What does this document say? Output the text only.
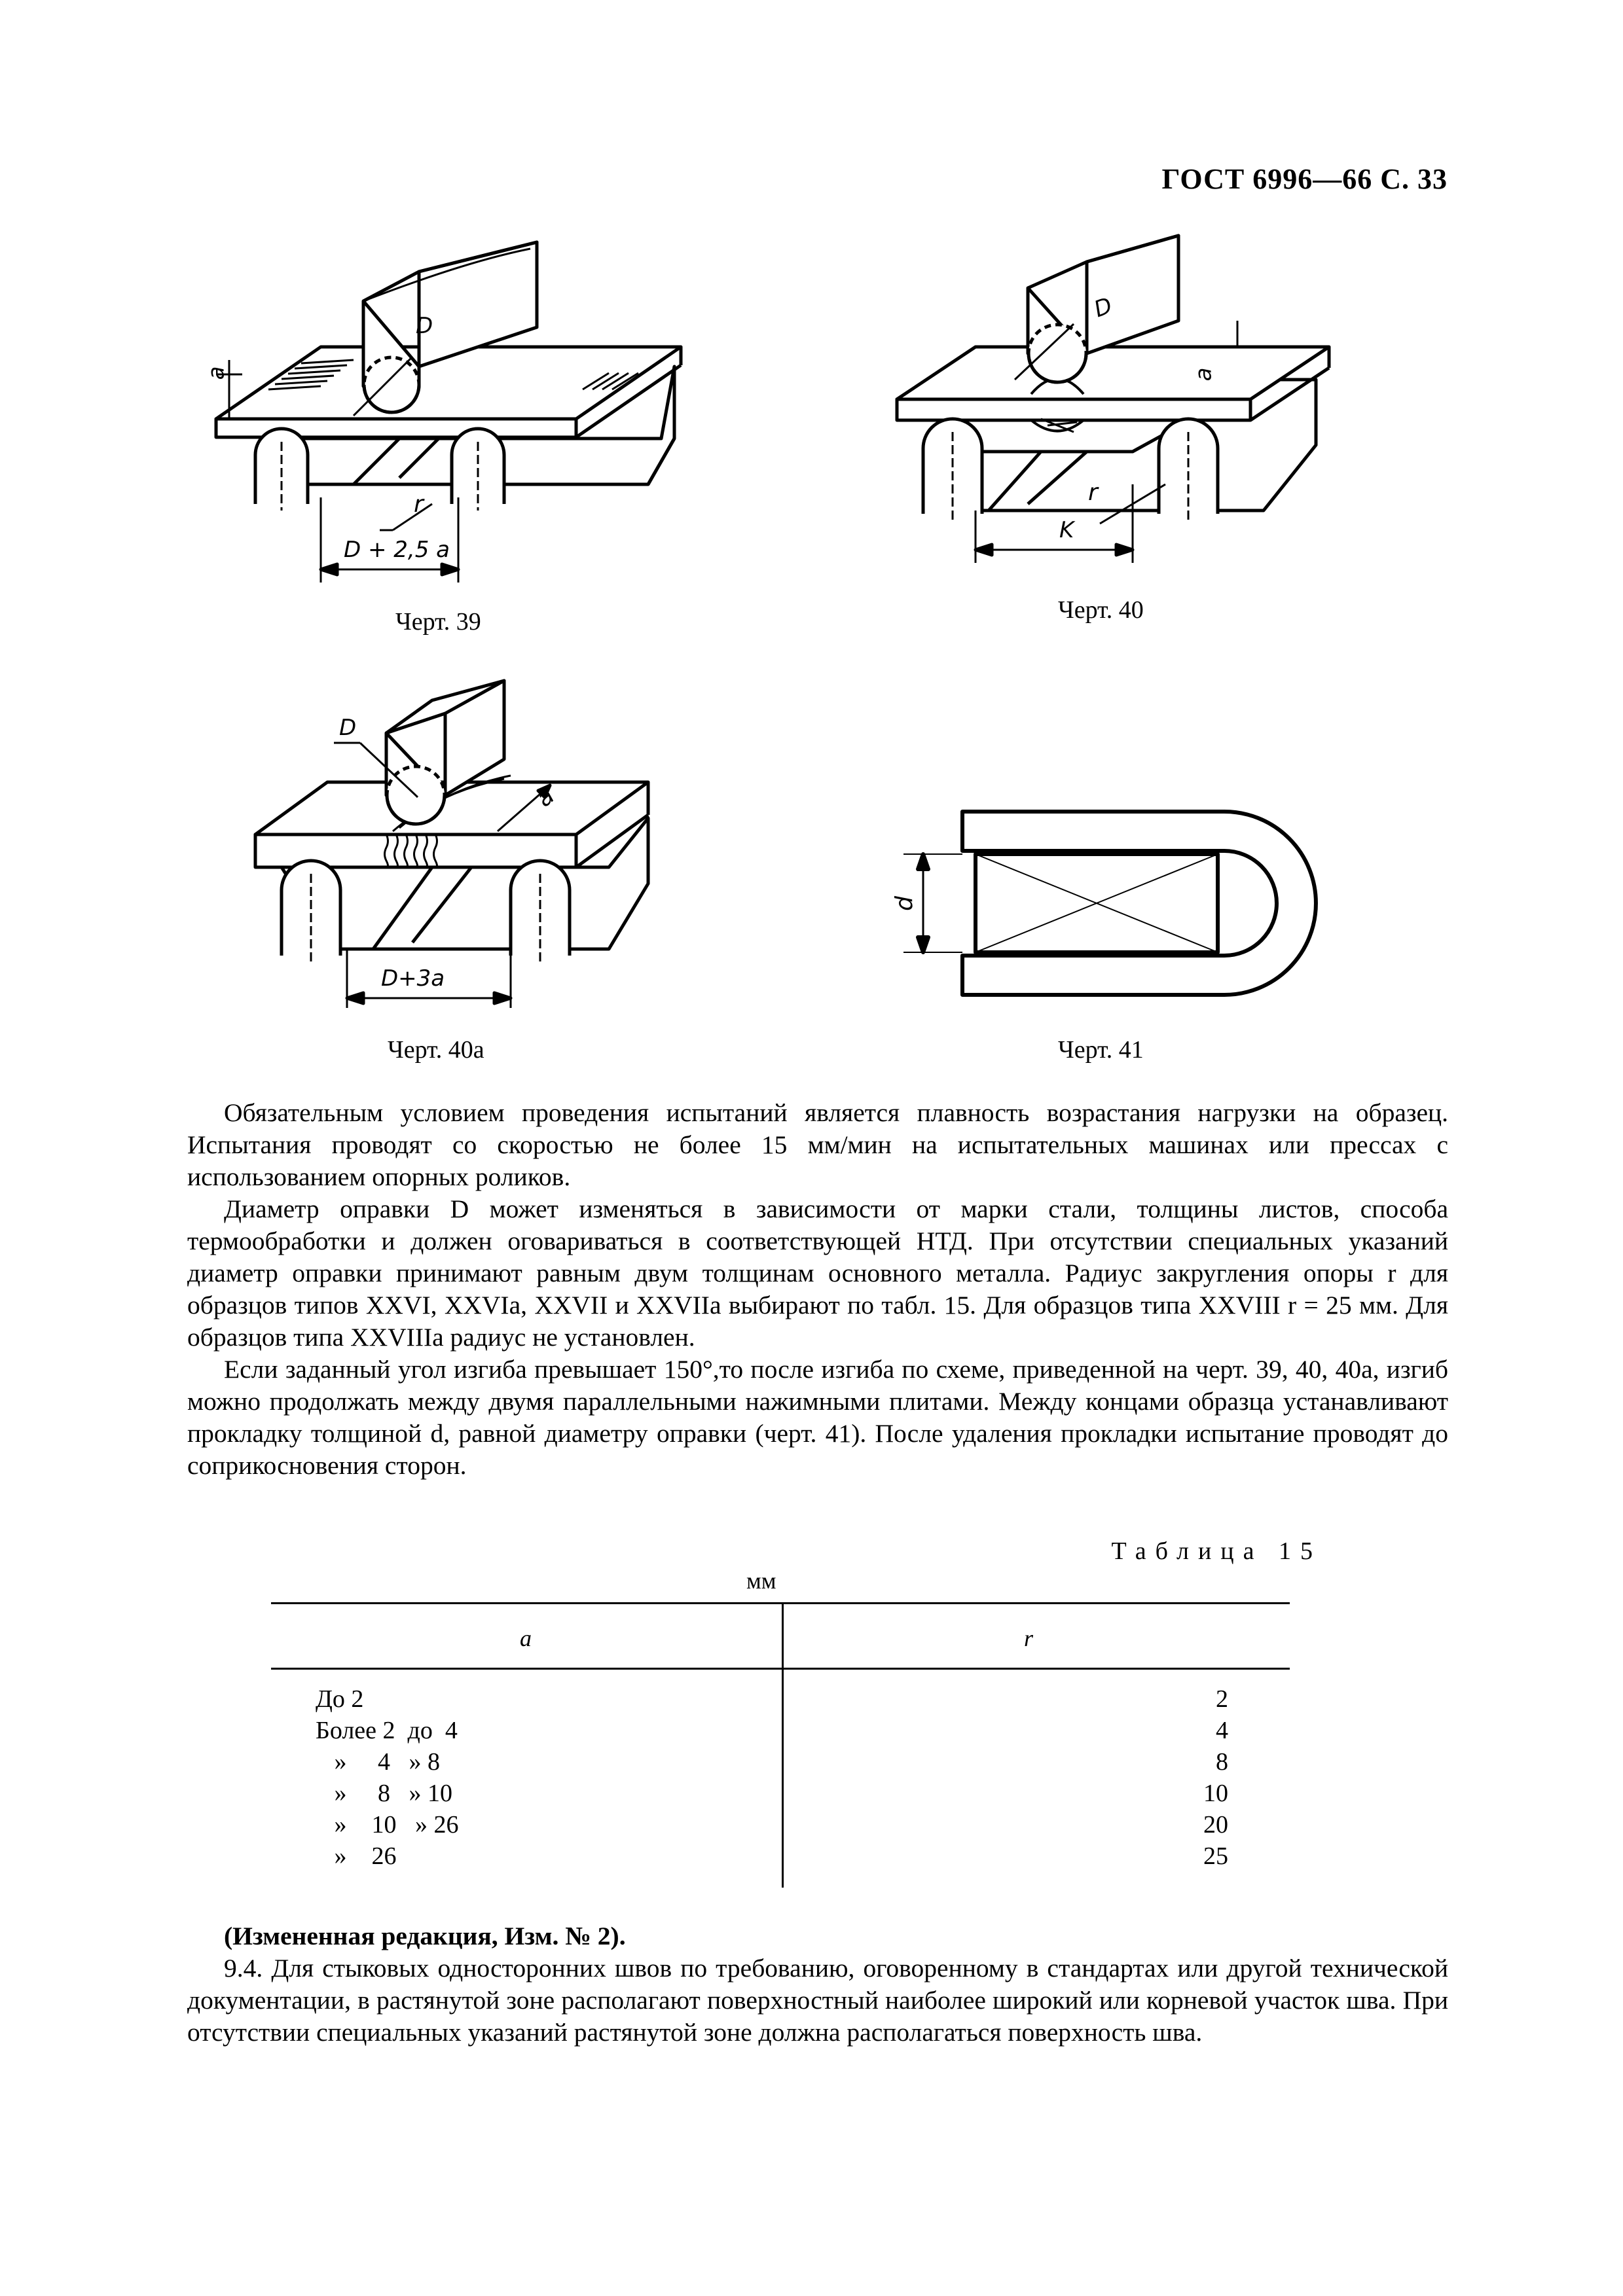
ГОСТ 6996—66 С. 33
a
D
r
D + 2,5 a
Черт. 39
a
D
r
K
Черт. 40
D
a
D+3a
Черт. 40а
d
Черт. 41

Обязательным условием проведения испытаний является плавность возрастания нагрузки на образец. Испытания проводят со скоростью не более 15 мм/мин на испытательных машинах или прессах с использованием опорных роликов.

Диаметр оправки D может изменяться в зависимости от марки стали, толщины листов, способа термообработки и должен оговариваться в соответствующей НТД. При отсутствии специальных указаний диаметр оправки принимают равным двум толщинам основного металла. Радиус закругления опоры r для образцов типов XXVI, XXVIa, XXVII и XXVIIa выбирают по табл. 15. Для образцов типа XXVIII r = 25 мм. Для образцов типа XXVIIIa радиус не установлен.

Если заданный угол изгиба превышает 150°,то после изгиба по схеме, приведенной на черт. 39, 40, 40а, изгиб можно продолжать между двумя параллельными нажимными плитами. Между концами образца устанавливают прокладку толщиной d, равной диаметру оправки (черт. 41). После удаления прокладки испытание проводят до соприкосновения сторон.

Таблица 15
мм
a	r
До 2	2
Более 2  до  4	4
»     4   » 8	8
»     8   » 10	10
»    10   » 26	20
»    26	25

(Измененная редакция, Изм. № 2).

9.4. Для стыковых односторонних швов по требованию, оговоренному в стандартах или другой технической документации, в растянутой зоне располагают поверхностный наиболее широкий или корневой участок шва. При отсутствии специальных указаний растянутой зоне должна располагаться поверхность шва.
